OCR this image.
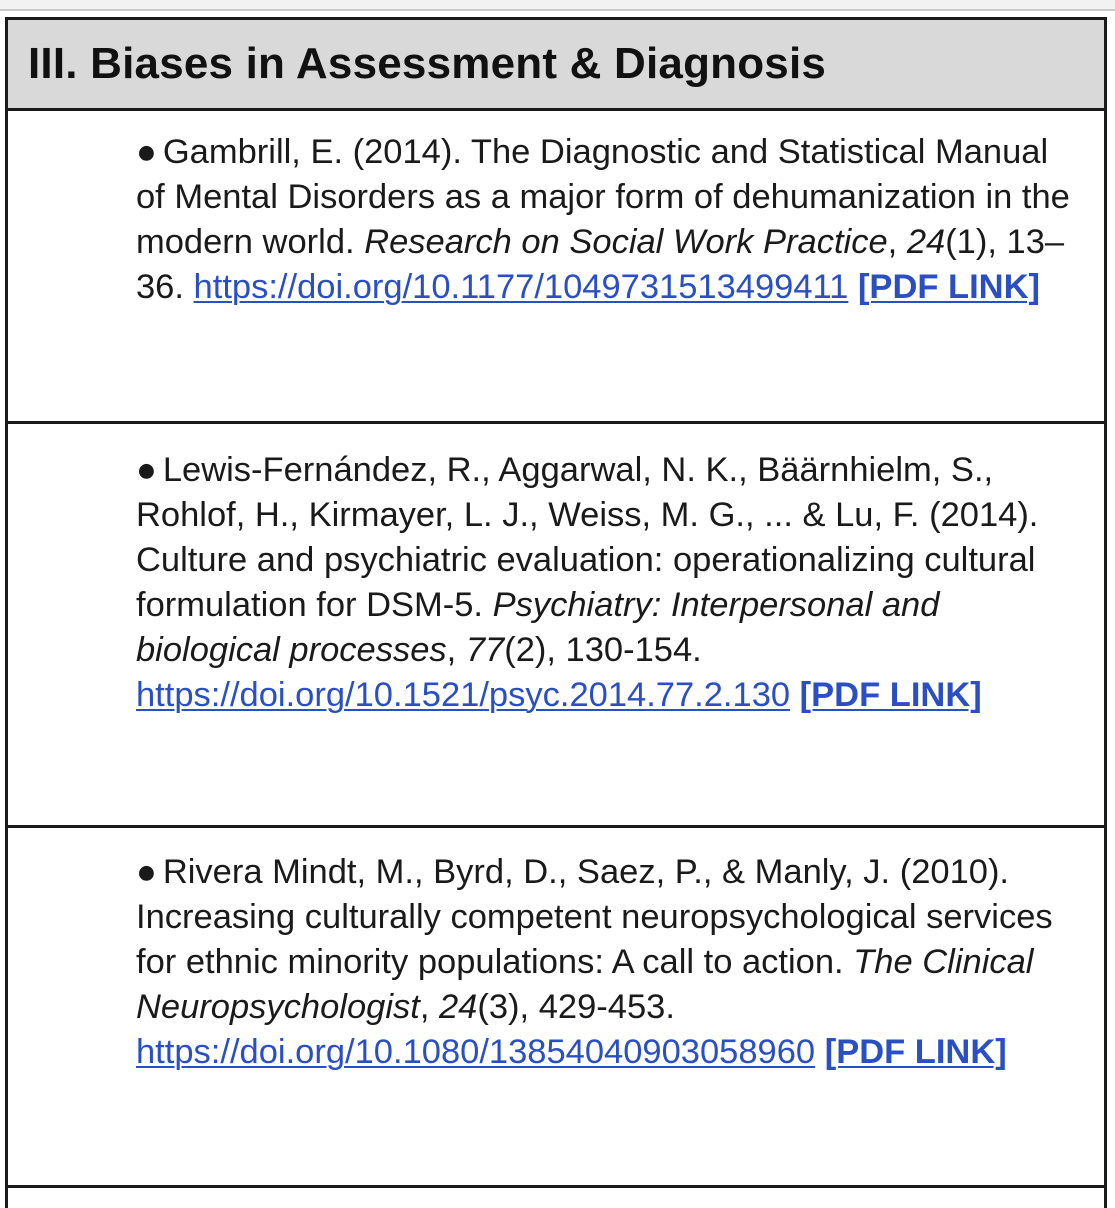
III. Biases in Assessment & Diagnosis

● Gambrill, E. (2014). The Diagnostic and Statistical Manual of Mental Disorders as a major form of dehumanization in the modern world. Research on Social Work Practice, 24(1), 13–​36. https://doi.org/10.1177/1049731513499411 [PDF LINK]

● Lewis-Fernández, R., Aggarwal, N. K., Bäärnhielm, S., Rohlof, H., Kirmayer, L. J., Weiss, M. G., ... & Lu, F. (2014). Culture and psychiatric evaluation: operationalizing cultural formulation for DSM-5. Psychiatry: Interpersonal and biological processes, 77(2), 130-154. https://doi.org/10.1521/psyc.2014.77.2.130 [PDF LINK]

● Rivera Mindt, M., Byrd, D., Saez, P., & Manly, J. (2010). Increasing culturally competent neuropsychological services for ethnic minority populations: A call to action. The Clinical Neuropsychologist, 24(3), 429-453. https://doi.org/10.1080/13854040903058960 [PDF LINK]
